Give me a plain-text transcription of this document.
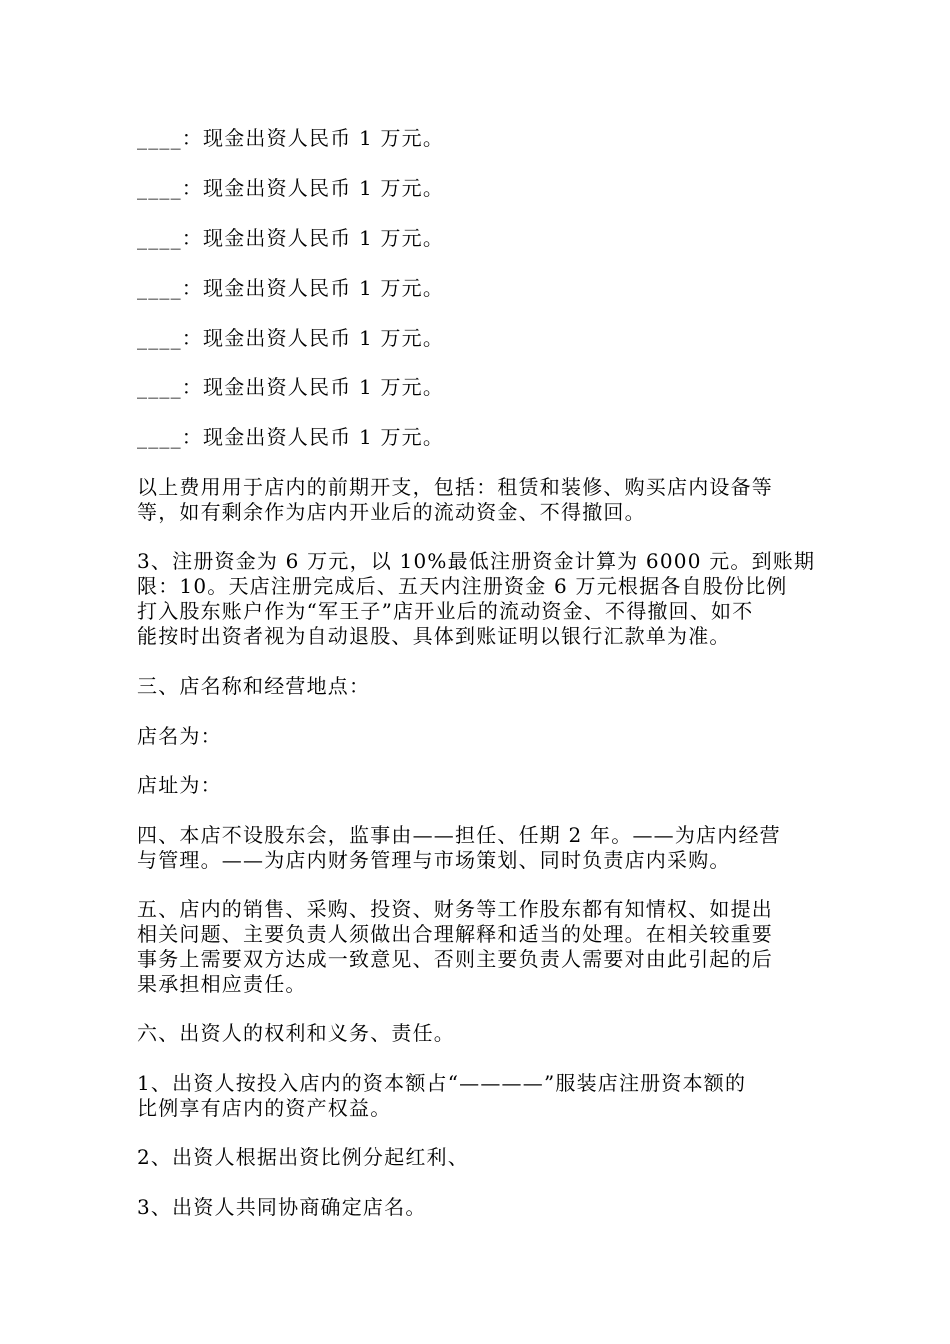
____：现金出资人民币 1 万元。

____：现金出资人民币 1 万元。

____：现金出资人民币 1 万元。

____：现金出资人民币 1 万元。

____：现金出资人民币 1 万元。

____：现金出资人民币 1 万元。

____：现金出资人民币 1 万元。

以上费用用于店内的前期开支，包括：租赁和装修、购买店内设备等
等，如有剩余作为店内开业后的流动资金、不得撤回。
3、注册资金为 6 万元，以 10%最低注册资金计算为 6000 元。到账期
限：10。天店注册完成后、五天内注册资金 6 万元根据各自股份比例
打入股东账户作为“军王子”店开业后的流动资金、不得撤回、如不
能按时出资者视为自动退股、具体到账证明以银行汇款单为准。

三、店名称和经营地点：

店名为：

店址为：

四、本店不设股东会，监事由——担任、任期 2 年。——为店内经营
与管理。——为店内财务管理与市场策划、同时负责店内采购。
五、店内的销售、采购、投资、财务等工作股东都有知情权、如提出
相关问题、主要负责人须做出合理解释和适当的处理。在相关较重要
事务上需要双方达成一致意见、否则主要负责人需要对由此引起的后
果承担相应责任。

六、出资人的权利和义务、责任。

1、出资人按投入店内的资本额占“————”服装店注册资本额的
比例享有店内的资产权益。

2、出资人根据出资比例分起红利、

3、出资人共同协商确定店名。
